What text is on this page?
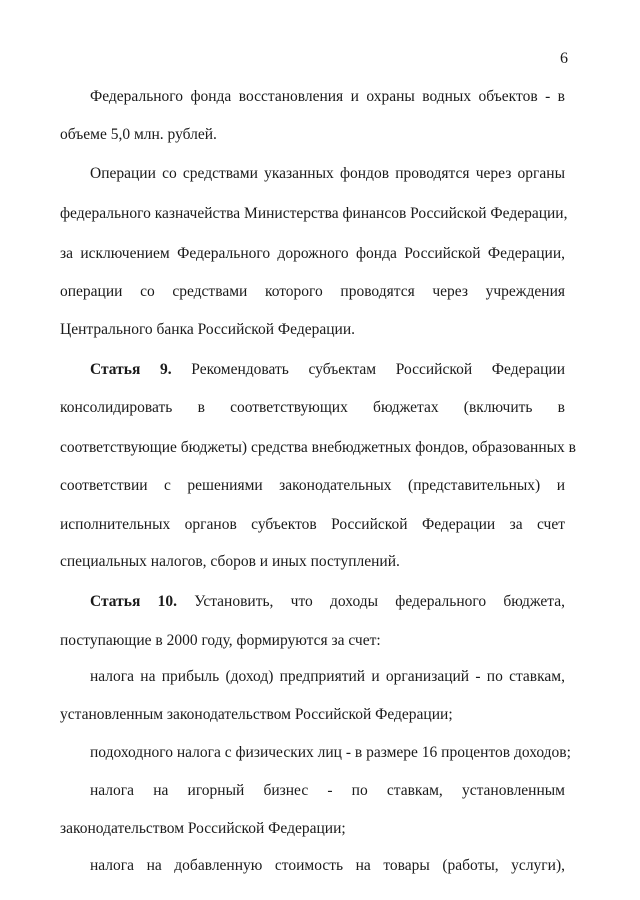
6
Федерального фонда восстановления и охраны водных объектов - в
объеме 5,0 млн. рублей.
Операции со средствами указанных фондов проводятся через органы
федерального казначейства Министерства финансов Российской Федерации,
за исключением Федерального дорожного фонда Российской Федерации,
операции со средствами которого проводятся через учреждения
Центрального банка Российской Федерации.
Статья 9. Рекомендовать субъектам Российской Федерации
консолидировать в соответствующих бюджетах (включить в
соответствующие бюджеты) средства внебюджетных фондов, образованных в
соответствии с решениями законодательных (представительных) и
исполнительных органов субъектов Российской Федерации за счет
специальных налогов, сборов и иных поступлений.
Статья 10. Установить, что доходы федерального бюджета,
поступающие в 2000 году, формируются за счет:
налога на прибыль (доход) предприятий и организаций - по ставкам,
установленным законодательством Российской Федерации;
подоходного налога с физических лиц - в размере 16 процентов доходов;
налога на игорный бизнес - по ставкам, установленным
законодательством Российской Федерации;
налога на добавленную стоимость на товары (работы, услуги),
